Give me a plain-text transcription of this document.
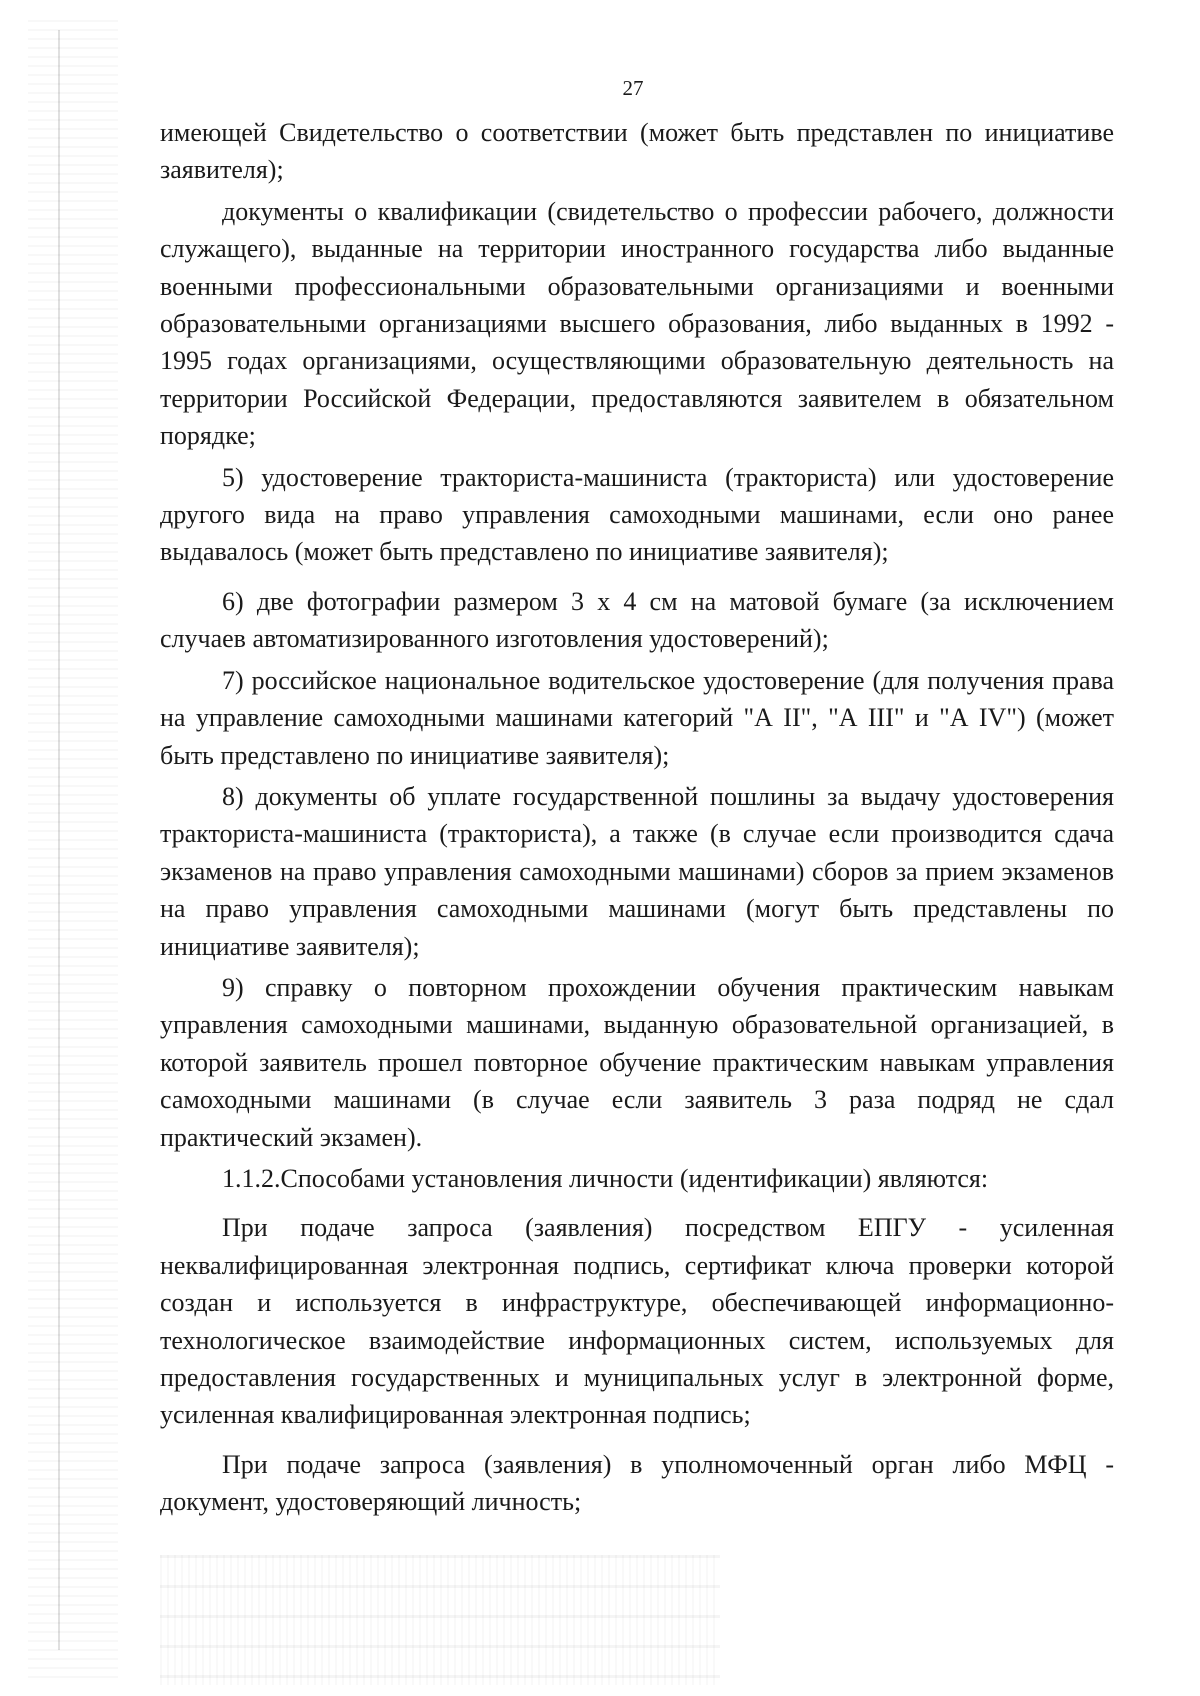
27

имеющей Свидетельство о соответствии (может быть представлен по инициативе заявителя);

документы о квалификации (свидетельство о профессии рабочего, должности служащего), выданные на территории иностранного государства либо выданные военными профессиональными образовательными организациями и военными образовательными организациями высшего образования, либо выданных в 1992 - 1995 годах организациями, осуществляющими образовательную деятельность на территории Российской Федерации, предоставляются заявителем в обязательном порядке;

5) удостоверение тракториста-машиниста (тракториста) или удостоверение другого вида на право управления самоходными машинами, если оно ранее выдавалось (может быть представлено по инициативе заявителя);

6) две фотографии размером 3 x 4 см на матовой бумаге (за исключением случаев автоматизированного изготовления удостоверений);

7) российское национальное водительское удостоверение (для получения права на управление самоходными машинами категорий "А II", "А III" и "А IV") (может быть представлено по инициативе заявителя);

8) документы об уплате государственной пошлины за выдачу удостоверения тракториста-машиниста (тракториста), а также (в случае если производится сдача экзаменов на право управления самоходными машинами) сборов за прием экзаменов на право управления самоходными машинами (могут быть представлены по инициативе заявителя);

9) справку о повторном прохождении обучения практическим навыкам управления самоходными машинами, выданную образовательной организацией, в которой заявитель прошел повторное обучение практическим навыкам управления самоходными машинами (в случае если заявитель 3 раза подряд не сдал практический экзамен).

1.1.2.Способами установления личности (идентификации) являются:

При подаче запроса (заявления) посредством ЕПГУ - усиленная неквалифицированная электронная подпись, сертификат ключа проверки которой создан и используется в инфраструктуре, обеспечивающей информационно-технологическое взаимодействие информационных систем, используемых для предоставления государственных и муниципальных услуг в электронной форме, усиленная квалифицированная электронная подпись;

При подаче запроса (заявления) в уполномоченный орган либо МФЦ - документ, удостоверяющий личность;
